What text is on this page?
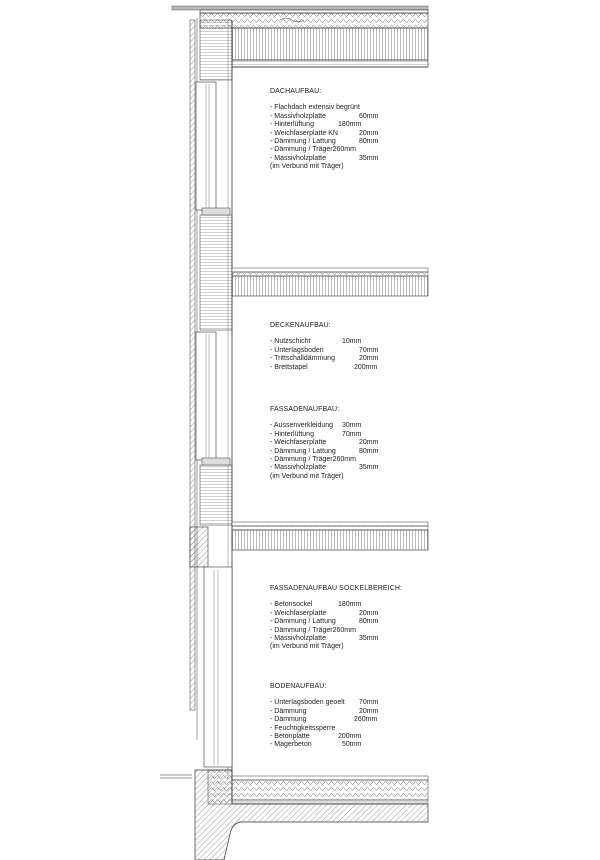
DACHAUFBAU:
- Flachdach extensiv begrünt
- Massivholzplatte	60mm
- Hinterlüftung	180mm
- Weichfaserplatte KN	20mm
- Dämmung / Lattung	80mm
- Dämmung / Träger260mm
- Massivholzplatte	35mm
(im Verbund mit Träger)
DECKENAUFBAU:
- Nutzschicht	10mm
- Unterlagsboden	70mm
- Trittschalldämmung	20mm
- Brettstapel	200mm
FASSADENAUFBAU:
- Aussenverkleidung 30mm
- Hinterlüftung	70mm
- Weichfaserplatte	20mm
- Dämmung / Lattung	80mm
- Dämmung / Träger260mm
- Massivholzplatte	35mm
(im Verbund mit Träger)
FASSADENAUFBAU SOCKELBEREICH:
- Betonsockel	180mm
- Weichfaserplatte	20mm
- Dämmung / Lattung	80mm
- Dämmung / Träger260mm
- Massivholzplatte	35mm
(im Verbund mit Träger)
BODENAUFBAU:
- Unterlagsboden geoelt 70mm
- Dämmung	20mm
- Dämmung	260mm
- Feuchtigkeitssperre
- Betonplatte	200mm
- Magerbeton	50mm
